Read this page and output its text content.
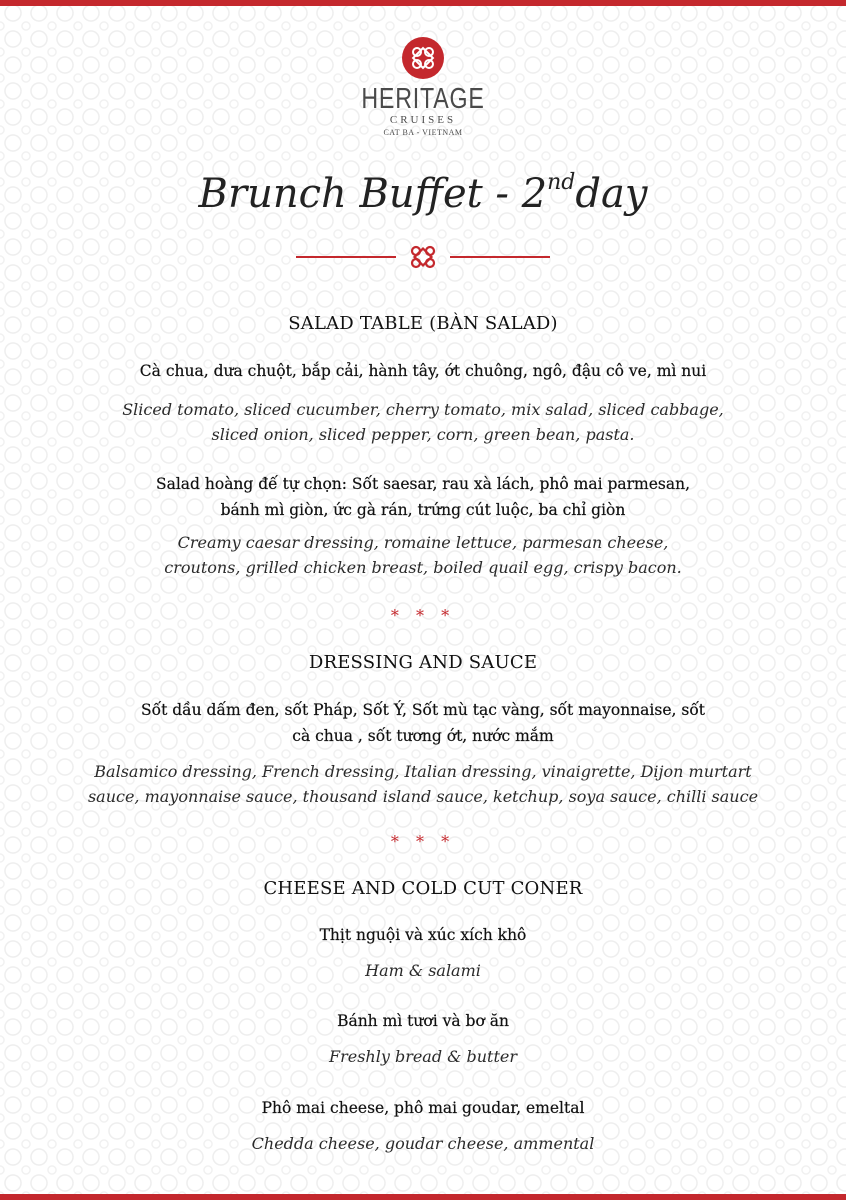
HERITAGE
CRUISES
CAT BA - VIETNAM
Brunch Buffet - 2ndday
SALAD TABLE (BÀN SALAD)
Cà chua, dưa chuột, bắp cải, hành tây, ớt chuông, ngô, đậu cô ve, mì nui
Sliced tomato, sliced cucumber, cherry tomato, mix salad, sliced cabbage,
sliced onion, sliced pepper, corn, green bean, pasta.
Salad hoàng đế tự chọn: Sốt saesar, rau xà lách, phô mai parmesan,
bánh mì giòn, ức gà rán, trứng cút luộc, ba chỉ giòn
Creamy caesar dressing, romaine lettuce, parmesan cheese,
croutons, grilled chicken breast, boiled quail egg, crispy bacon.
* * *
DRESSING AND SAUCE
Sốt dầu dấm đen, sốt Pháp, Sốt Ý, Sốt mù tạc vàng, sốt mayonnaise, sốt
cà chua , sốt tương ớt, nước mắm
Balsamico dressing, French dressing, Italian dressing, vinaigrette, Dijon murtart
sauce, mayonnaise sauce, thousand island sauce, ketchup, soya sauce, chilli sauce
* * *
CHEESE AND COLD CUT CONER
Thịt nguội và xúc xích khô
Ham & salami
Bánh mì tươi và bơ ăn
Freshly bread & butter
Phô mai cheese, phô mai goudar, emeltal
Chedda cheese, goudar cheese, ammental
